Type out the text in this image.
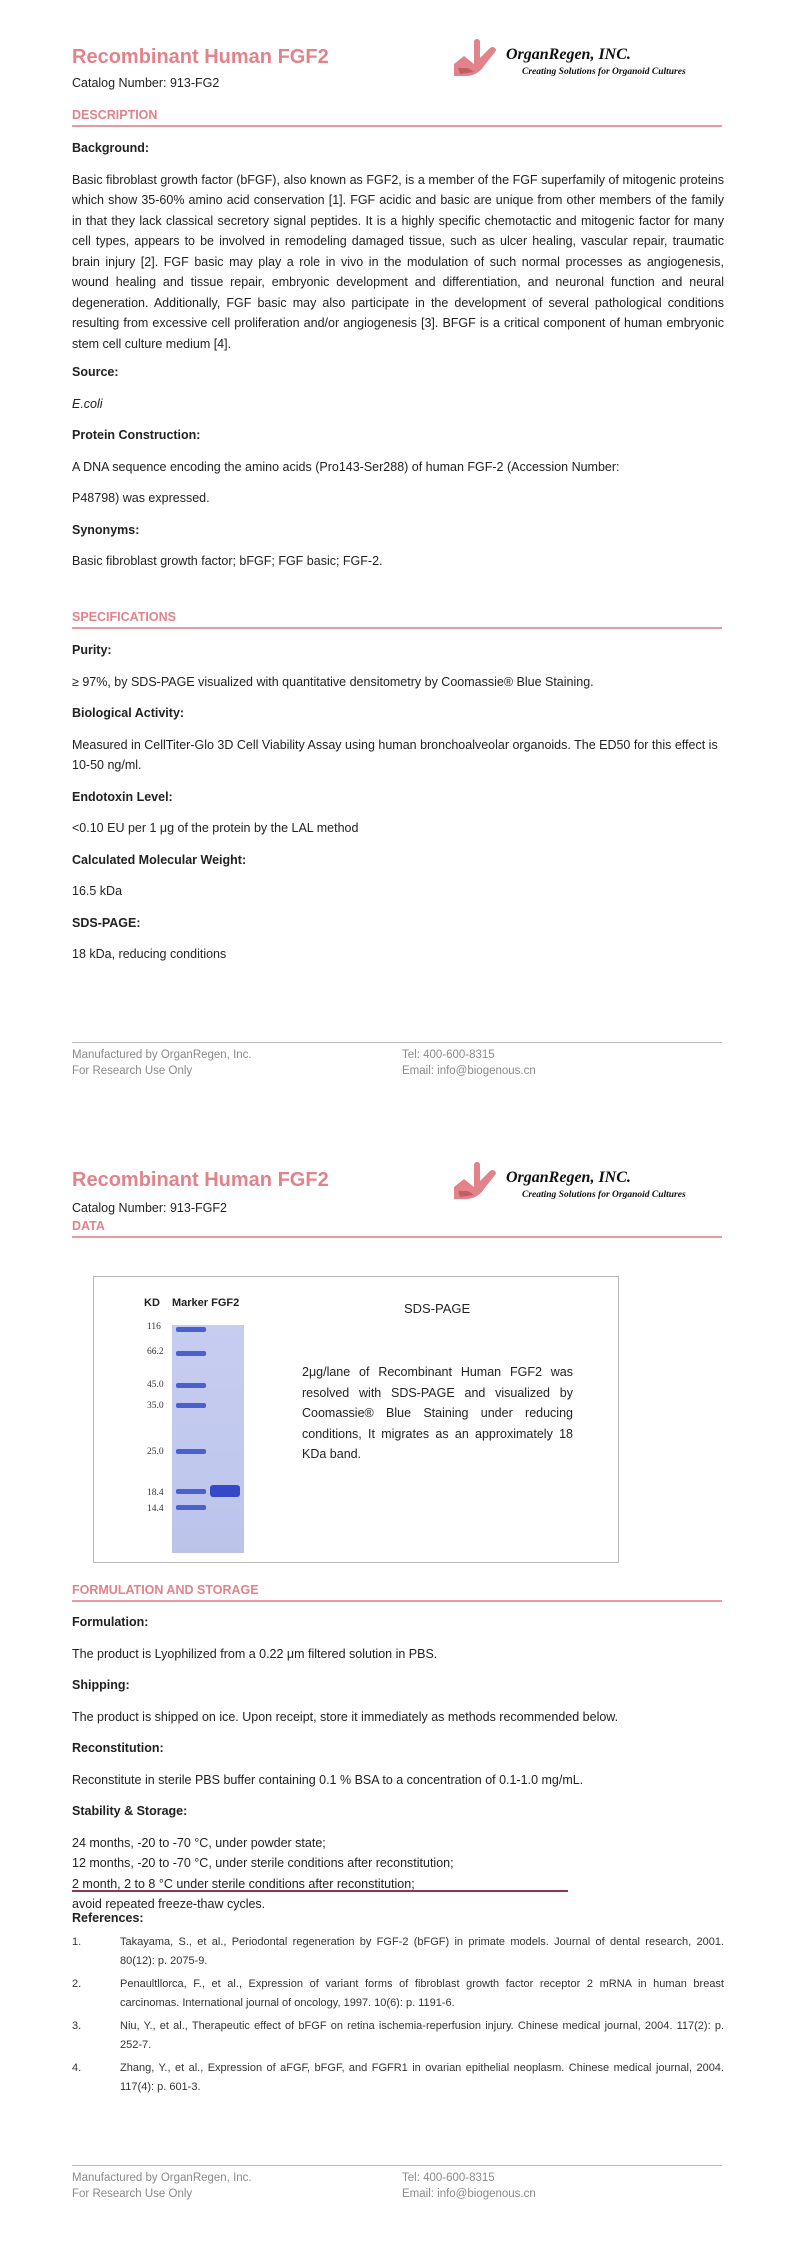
Recombinant Human FGF2
Catalog Number: 913-FG2
OrganRegen, INC.
Creating Solutions for Organoid Cultures
DESCRIPTION

Background:

Basic fibroblast growth factor (bFGF), also known as FGF2, is a member of the FGF superfamily of mitogenic proteins which show 35-60% amino acid conservation [1]. FGF acidic and basic are unique from other members of the family in that they lack classical secretory signal peptides. It is a highly specific chemotactic and mitogenic factor for many cell types, appears to be involved in remodeling damaged tissue, such as ulcer healing, vascular repair, traumatic brain injury [2]. FGF basic may play a role in vivo in the modulation of such normal processes as angiogenesis, wound healing and tissue repair, embryonic development and differentiation, and neuronal function and neural degeneration. Additionally, FGF basic may also participate in the development of several pathological conditions resulting from excessive cell proliferation and/or angiogenesis [3]. BFGF is a critical component of human embryonic stem cell culture medium [4].

Source:

E.coli

Protein Construction:

A DNA sequence encoding the amino acids (Pro143-Ser288) of human FGF-2 (Accession Number:

P48798) was expressed.

Synonyms:

Basic fibroblast growth factor; bFGF; FGF basic; FGF-2.

SPECIFICATIONS

Purity:

≥ 97%, by SDS-PAGE visualized with quantitative densitometry by Coomassie® Blue Staining.

Biological Activity:

Measured in CellTiter-Glo 3D Cell Viability Assay using human bronchoalveolar organoids. The ED50 for this effect is 10-50 ng/ml.

Endotoxin Level:

<0.10 EU per 1 μg of the protein by the LAL method

Calculated Molecular Weight:

16.5 kDa

SDS-PAGE:

18 kDa, reducing conditions

Manufactured by OrganRegen, Inc.
For Research Use Only
Tel: 400-600-8315
Email: info@biogenous.cn
Recombinant Human FGF2
Catalog Number: 913-FGF2
OrganRegen, INC.
Creating Solutions for Organoid Cultures
DATA
KD Marker FGF2
116
66.2
45.0
35.0
25.0
18.4
14.4
SDS-PAGE
2μg/lane of Recombinant Human FGF2 was resolved with SDS-PAGE and visualized by Coomassie® Blue Staining under reducing conditions, It migrates as an approximately 18 KDa band.
FORMULATION AND STORAGE

Formulation:

The product is Lyophilized from a 0.22 μm filtered solution in PBS.

Shipping:

The product is shipped on ice. Upon receipt, store it immediately as methods recommended below.

Reconstitution:

Reconstitute in sterile PBS buffer containing 0.1 % BSA to a concentration of 0.1-1.0 mg/mL.

Stability & Storage:

24 months, -20 to -70 °C, under powder state;

12 months, -20 to -70 °C, under sterile conditions after reconstitution;

2 month, 2 to 8 °C under sterile conditions after reconstitution;

avoid repeated freeze-thaw cycles.

References:

1.	Takayama, S., et al., Periodontal regeneration by FGF-2 (bFGF) in primate models. Journal of dental research, 2001. 80(12): p. 2075-9.
2.	Penaultllorca, F., et al., Expression of variant forms of fibroblast growth factor receptor 2 mRNA in human breast carcinomas. International journal of oncology, 1997. 10(6): p. 1191-6.
3.	Niu, Y., et al., Therapeutic effect of bFGF on retina ischemia-reperfusion injury. Chinese medical journal, 2004. 117(2): p. 252-7.
4.	Zhang, Y., et al., Expression of aFGF, bFGF, and FGFR1 in ovarian epithelial neoplasm. Chinese medical journal, 2004. 117(4): p. 601-3.
Manufactured by OrganRegen, Inc.
For Research Use Only
Tel: 400-600-8315
Email: info@biogenous.cn
